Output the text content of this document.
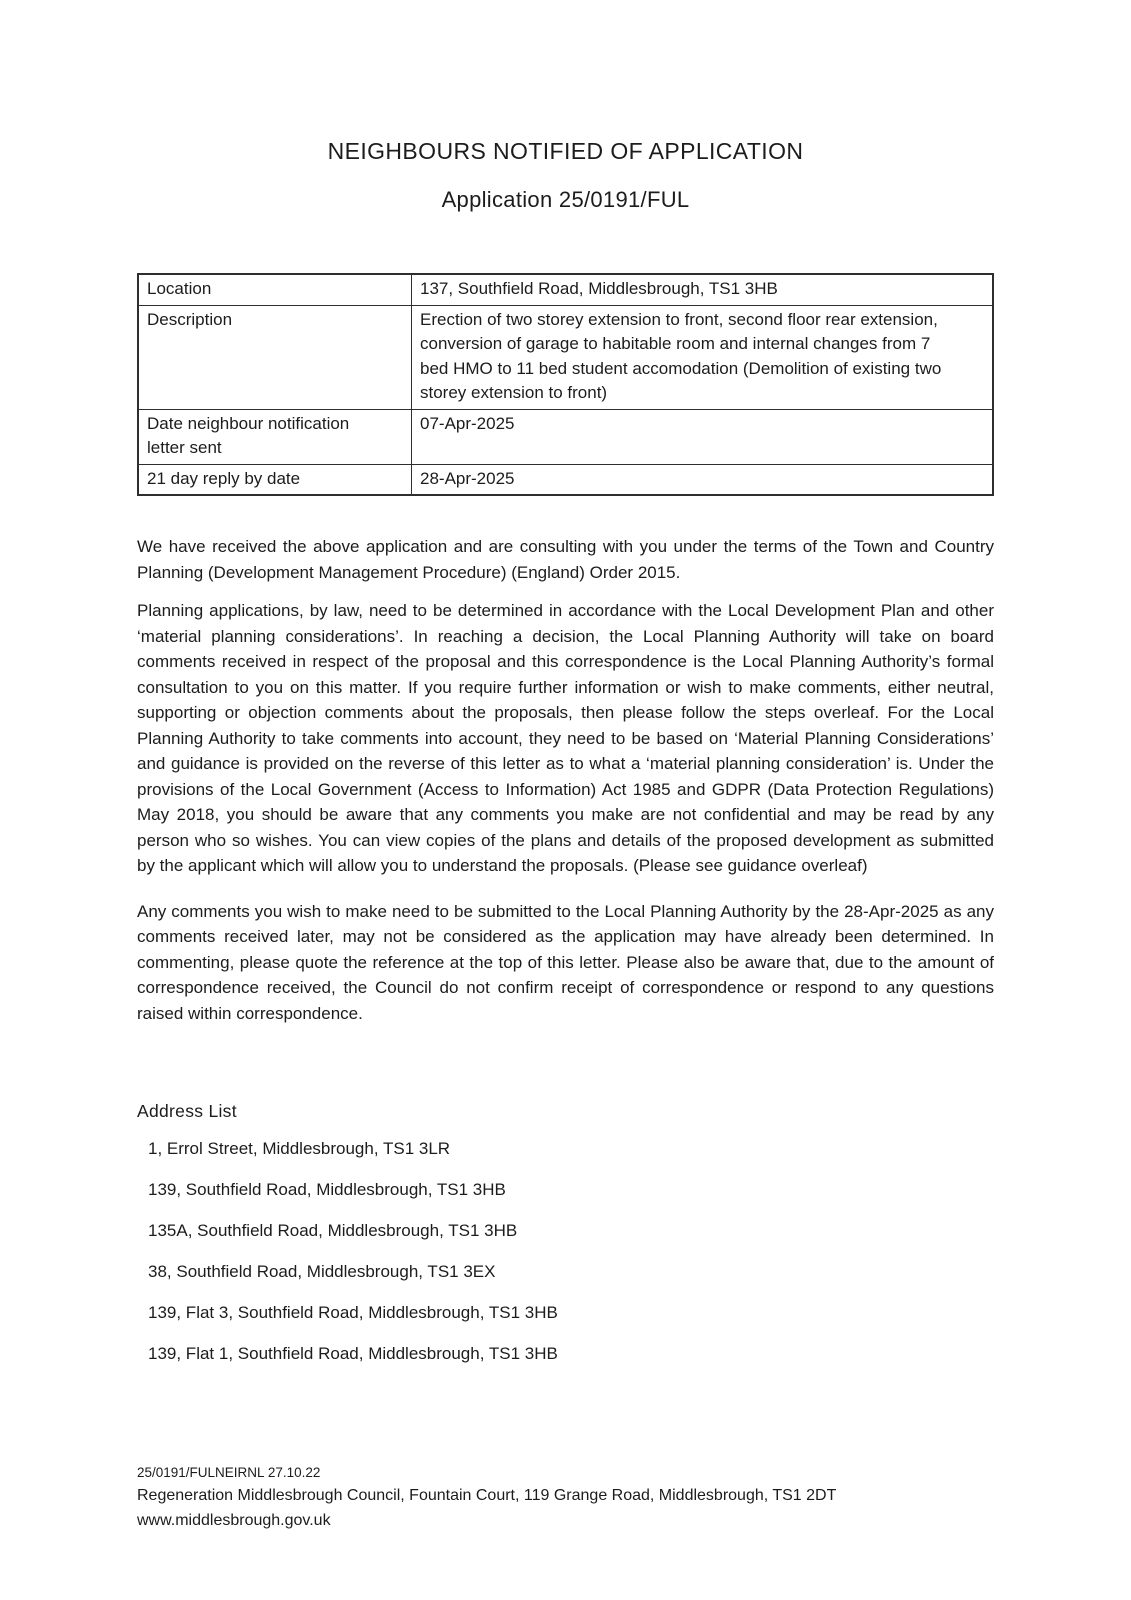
NEIGHBOURS NOTIFIED OF APPLICATION
Application 25/0191/FUL
Location	137, Southfield Road, Middlesbrough, TS1 3HB
Description	Erection of two storey extension to front, second floor rear extension, conversion of garage to habitable room and internal changes from 7 bed HMO to 11 bed student accomodation (Demolition of existing two storey extension to front)
Date neighbour notification letter sent	07-Apr-2025
21 day reply by date	28-Apr-2025

We have received the above application and are consulting with you under the terms of the Town and Country Planning (Development Management Procedure) (England) Order 2015.

Planning applications, by law, need to be determined in accordance with the Local Development Plan and other ‘material planning considerations’. In reaching a decision, the Local Planning Authority will take on board comments received in respect of the proposal and this correspondence is the Local Planning Authority’s formal consultation to you on this matter. If you require further information or wish to make comments, either neutral, supporting or objection comments about the proposals, then please follow the steps overleaf. For the Local Planning Authority to take comments into account, they need to be based on ‘Material Planning Considerations’ and guidance is provided on the reverse of this letter as to what a ‘material planning consideration’ is. Under the provisions of the Local Government (Access to Information) Act 1985 and GDPR (Data Protection Regulations) May 2018, you should be aware that any comments you make are not confidential and may be read by any person who so wishes. You can view copies of the plans and details of the proposed development as submitted by the applicant which will allow you to understand the proposals. (Please see guidance overleaf)

Any comments you wish to make need to be submitted to the Local Planning Authority by the 28-Apr-2025 as any comments received later, may not be considered as the application may have already been determined. In commenting, please quote the reference at the top of this letter. Please also be aware that, due to the amount of correspondence received, the Council do not confirm receipt of correspondence or respond to any questions raised within correspondence.

Address List
1, Errol Street, Middlesbrough, TS1 3LR
139, Southfield Road, Middlesbrough, TS1 3HB
135A, Southfield Road, Middlesbrough, TS1 3HB
38, Southfield Road, Middlesbrough, TS1 3EX
139, Flat 3, Southfield Road, Middlesbrough, TS1 3HB
139, Flat 1, Southfield Road, Middlesbrough, TS1 3HB
25/0191/FULNEIRNL 27.10.22
Regeneration Middlesbrough Council, Fountain Court, 119 Grange Road, Middlesbrough, TS1 2DT
www.middlesbrough.gov.uk
